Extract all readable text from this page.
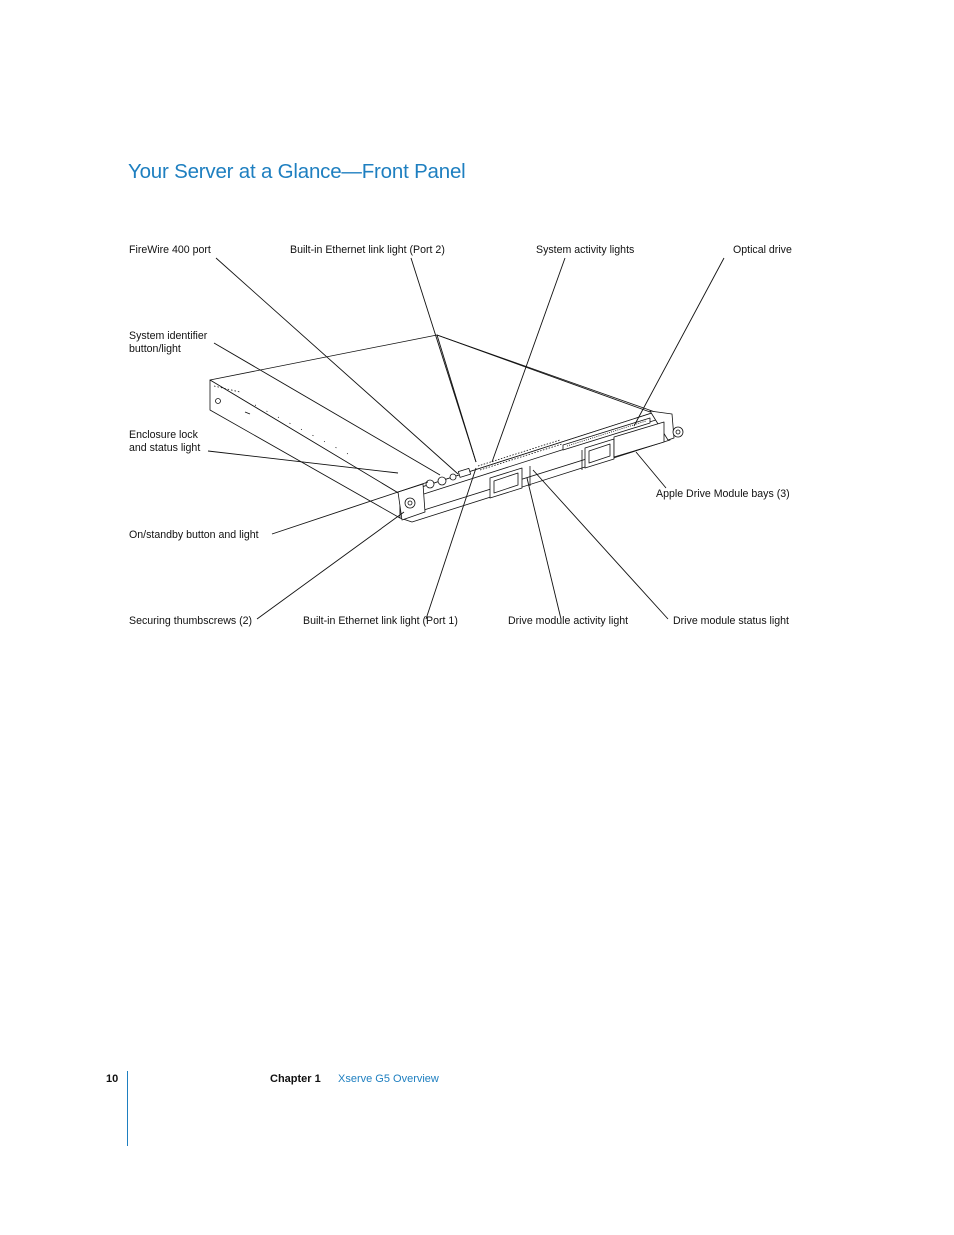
Your Server at a Glance—Front Panel
FireWire 400 port	Built-in Ethernet link light (Port 2)	System activity lights	Optical drive
System identifier
button/light
Enclosure lock
and status light
Apple Drive Module bays (3)
On/standby button and light
Securing thumbscrews (2)	Built-in Ethernet link light (Port 1)	Drive module activity light	Drive module status light
10	Chapter 1 Xserve G5 Overview
